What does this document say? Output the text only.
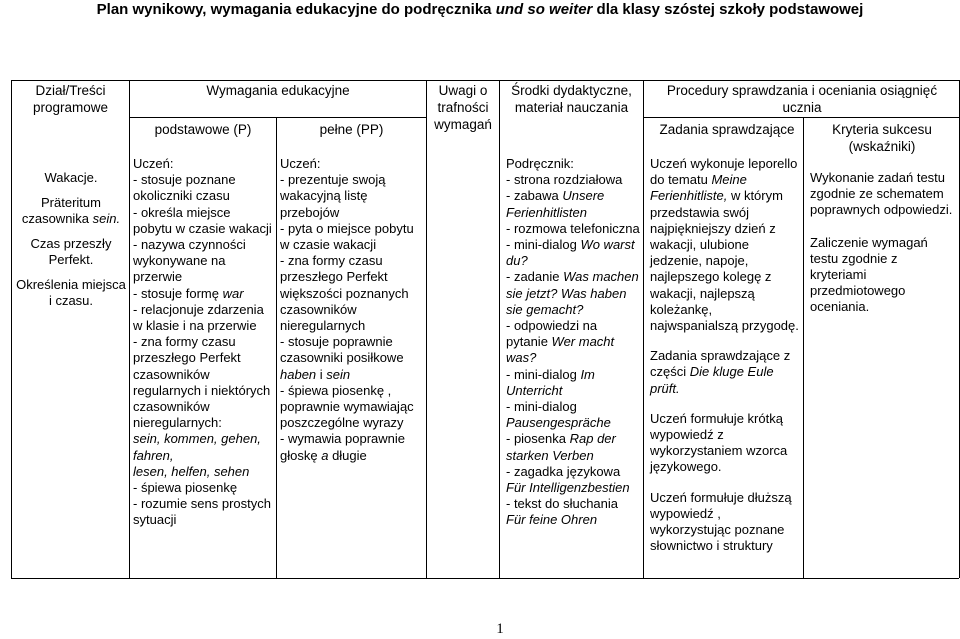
Plan wynikowy, wymagania edukacyjne do podręcznika und so weiter dla klasy szóstej szkoły podstawowej
Dział/Treści programowe
Wymagania edukacyjne
podstawowe (P)	pełne (PP)
Uwagi o trafności wymagań
Środki dydaktyczne, materiał nauczania
Procedury sprawdzania i oceniania osiągnięć ucznia
Zadania sprawdzające	Kryteria sukcesu (wskaźniki)
Wakacje.
Präteritum
czasownika sein.
Czas przeszły Perfekt.
Określenia miejsca i czasu.
Uczeń:
- stosuje poznane okoliczniki czasu
- określa miejsce pobytu w czasie wakacji
- nazywa czynności wykonywane na przerwie
- stosuje formę war
- relacjonuje zdarzenia w klasie i na przerwie
- zna formy czasu przeszłego Perfekt czasowników regularnych i niektórych czasowników nieregularnych:
sein, kommen, gehen, fahren,
lesen, helfen, sehen
- śpiewa piosenkę
- rozumie sens prostych sytuacji
Uczeń:
- prezentuje swoją wakacyjną listę przebojów
- pyta o miejsce pobytu w czasie wakacji
- zna formy czasu przeszłego Perfekt większości poznanych czasowników nieregularnych
- stosuje poprawnie czasowniki posiłkowe
haben i sein
- śpiewa piosenkę , poprawnie wymawiając poszczególne wyrazy
- wymawia poprawnie głoskę a długie
Podręcznik:
- strona rozdziałowa
- zabawa Unsere Ferienhitlisten
- rozmowa telefoniczna
- mini-dialog Wo warst du?
- zadanie Was machen sie jetzt? Was haben sie gemacht?
- odpowiedzi na pytanie Wer macht was?
- mini-dialog Im Unterricht
- mini-dialog Pausengespräche
- piosenka Rap der starken Verben
- zagadka językowa Für Intelligenzbestien
- tekst do słuchania Für feine Ohren
Uczeń wykonuje leporello do tematu Meine Ferienhitliste, w którym przedstawia swój najpiękniejszy dzień z wakacji, ulubione jedzenie, napoje, najlepszego kolegę z wakacji, najlepszą koleżankę, najwspanialszą przygodę.
Zadania sprawdzające z części Die kluge Eule prüft.
Uczeń formułuje krótką wypowiedź z wykorzystaniem wzorca językowego.
Uczeń formułuje dłuższą wypowiedź , wykorzystując poznane słownictwo i struktury
Wykonanie zadań testu zgodnie ze schematem poprawnych odpowiedzi.
Zaliczenie wymagań testu zgodnie z kryteriami przedmiotowego oceniania.
1
